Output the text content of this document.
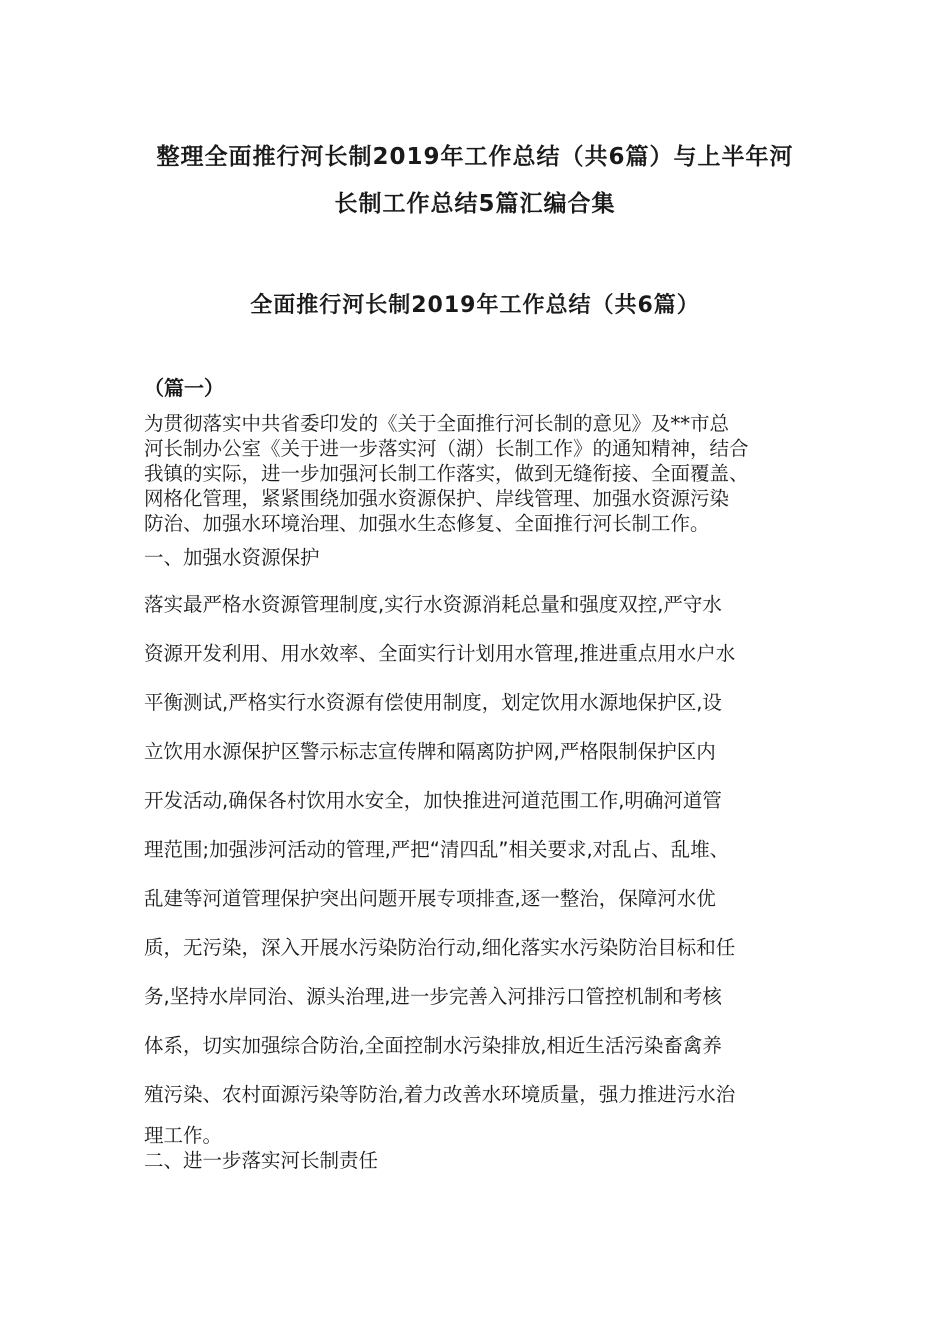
整理全面推行河长制2019年工作总结（共6篇）与上半年河
长制工作总结5篇汇编合集
全面推行河长制2019年工作总结（共6篇）
（篇一）
为贯彻落实中共省委印发的《关于全面推行河长制的意见》及**市总
河长制办公室《关于进一步落实河（湖）长制工作》的通知精神，结合
我镇的实际，进一步加强河长制工作落实，做到无缝衔接、全面覆盖、
网格化管理，紧紧围绕加强水资源保护、岸线管理、加强水资源污染
防治、加强水环境治理、加强水生态修复、全面推行河长制工作。
一、加强水资源保护
落实最严格水资源管理制度,实行水资源消耗总量和强度双控,严守水
资源开发利用、用水效率、全面实行计划用水管理,推进重点用水户水
平衡测试,严格实行水资源有偿使用制度，划定饮用水源地保护区,设
立饮用水源保护区警示标志宣传牌和隔离防护网,严格限制保护区内
开发活动,确保各村饮用水安全，加快推进河道范围工作,明确河道管
理范围;加强涉河活动的管理,严把“清四乱”相关要求,对乱占、乱堆、
乱建等河道管理保护突出问题开展专项排查,逐一整治，保障河水优
质，无污染，深入开展水污染防治行动,细化落实水污染防治目标和任
务,坚持水岸同治、源头治理,进一步完善入河排污口管控机制和考核
体系，切实加强综合防治,全面控制水污染排放,相近生活污染畜禽养
殖污染、农村面源污染等防治,着力改善水环境质量，强力推进污水治
理工作。
二、进一步落实河长制责任
